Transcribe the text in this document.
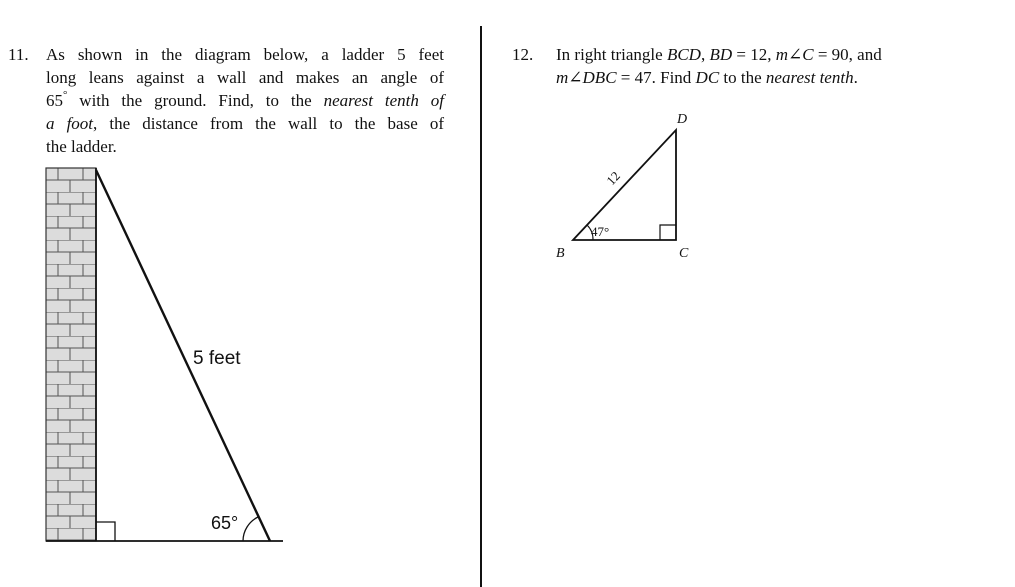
11. As shown in the diagram below, a ladder 5 feet
long leans against a wall and makes an angle of
65° with the ground. Find, to the nearest tenth of
a foot, the distance from the wall to the base of
the ladder.
5 feet
65°
12. In right triangle BCD, BD = 12, m∠C = 90, and
m∠DBC = 47. Find DC to the nearest tenth.
B	C
D
12
47°
